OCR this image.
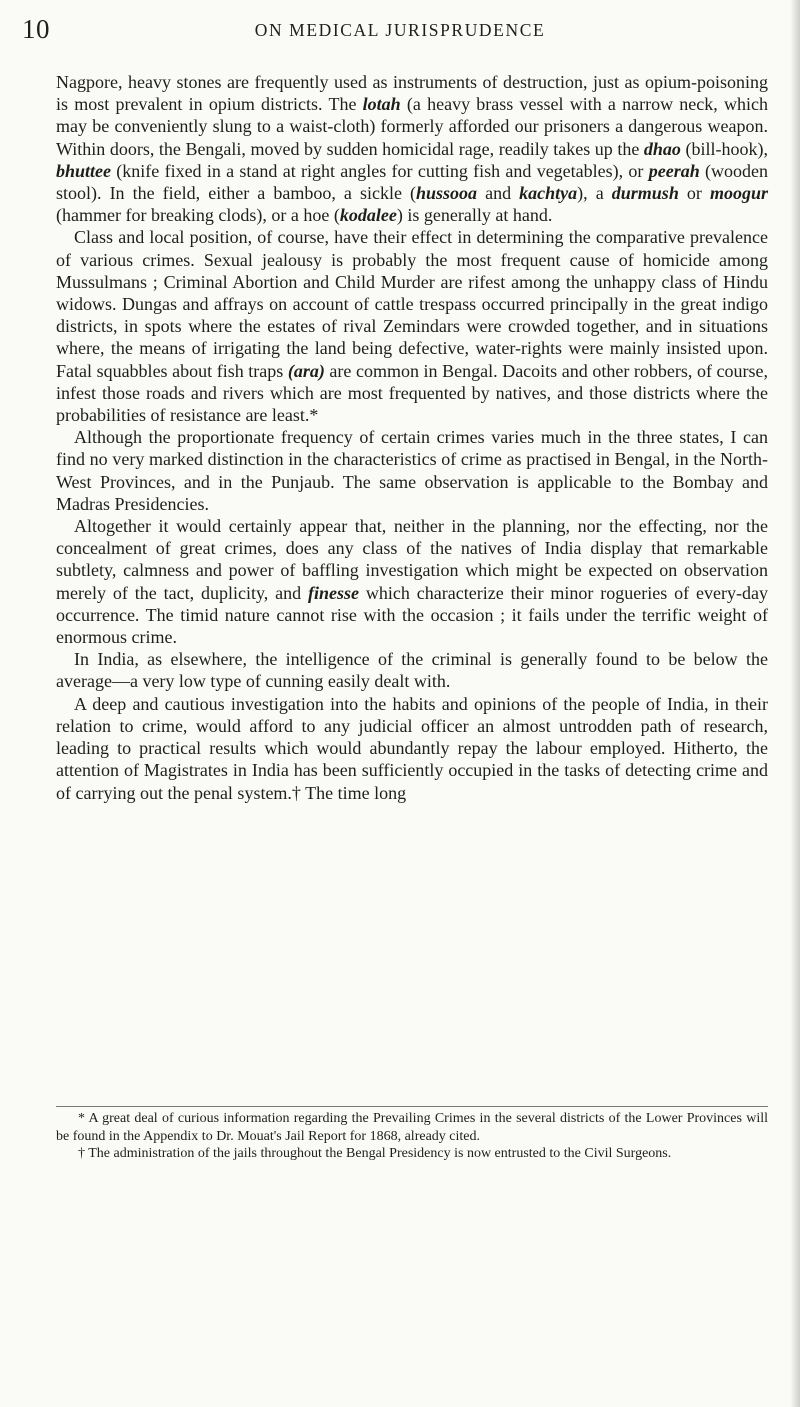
10	ON MEDICAL JURISPRUDENCE

Nagpore, heavy stones are frequently used as instruments of destruction, just as opium-poisoning is most prevalent in opium districts. The lotah (a heavy brass vessel with a narrow neck, which may be conveniently slung to a waist-cloth) formerly afforded our prisoners a dangerous weapon. Within doors, the Bengali, moved by sudden homicidal rage, readily takes up the dhao (bill-hook), bhuttee (knife fixed in a stand at right angles for cutting fish and vegetables), or peerah (wooden stool). In the field, either a bamboo, a sickle (hussooa and kachtya), a durmush or moogur (hammer for breaking clods), or a hoe (kodalee) is generally at hand.

Class and local position, of course, have their effect in determining the comparative prevalence of various crimes. Sexual jealousy is probably the most frequent cause of homicide among Mussulmans ; Criminal Abortion and Child Murder are rifest among the unhappy class of Hindu widows. Dungas and affrays on account of cattle trespass occurred principally in the great indigo districts, in spots where the estates of rival Zemindars were crowded together, and in situations where, the means of irrigating the land being defective, water-rights were mainly insisted upon. Fatal squabbles about fish traps (ara) are common in Bengal. Dacoits and other robbers, of course, infest those roads and rivers which are most frequented by natives, and those districts where the probabilities of resistance are least.*

Although the proportionate frequency of certain crimes varies much in the three states, I can find no very marked distinction in the characteristics of crime as practised in Bengal, in the North-West Provinces, and in the Punjaub. The same observation is applicable to the Bombay and Madras Presidencies.

Altogether it would certainly appear that, neither in the planning, nor the effecting, nor the concealment of great crimes, does any class of the natives of India display that remarkable subtlety, calmness and power of baffling investigation which might be expected on observation merely of the tact, duplicity, and finesse which characterize their minor rogueries of every-day occurrence. The timid nature cannot rise with the occasion ; it fails under the terrific weight of enormous crime.

In India, as elsewhere, the intelligence of the criminal is generally found to be below the average—a very low type of cunning easily dealt with.

A deep and cautious investigation into the habits and opinions of the people of India, in their relation to crime, would afford to any judicial officer an almost untrodden path of research, leading to practical results which would abundantly repay the labour employed. Hitherto, the attention of Magistrates in India has been sufficiently occupied in the tasks of detecting crime and of carrying out the penal system.† The time long

* A great deal of curious information regarding the Prevailing Crimes in the several districts of the Lower Provinces will be found in the Appendix to Dr. Mouat's Jail Report for 1868, already cited.

† The administration of the jails throughout the Bengal Presidency is now entrusted to the Civil Surgeons.
